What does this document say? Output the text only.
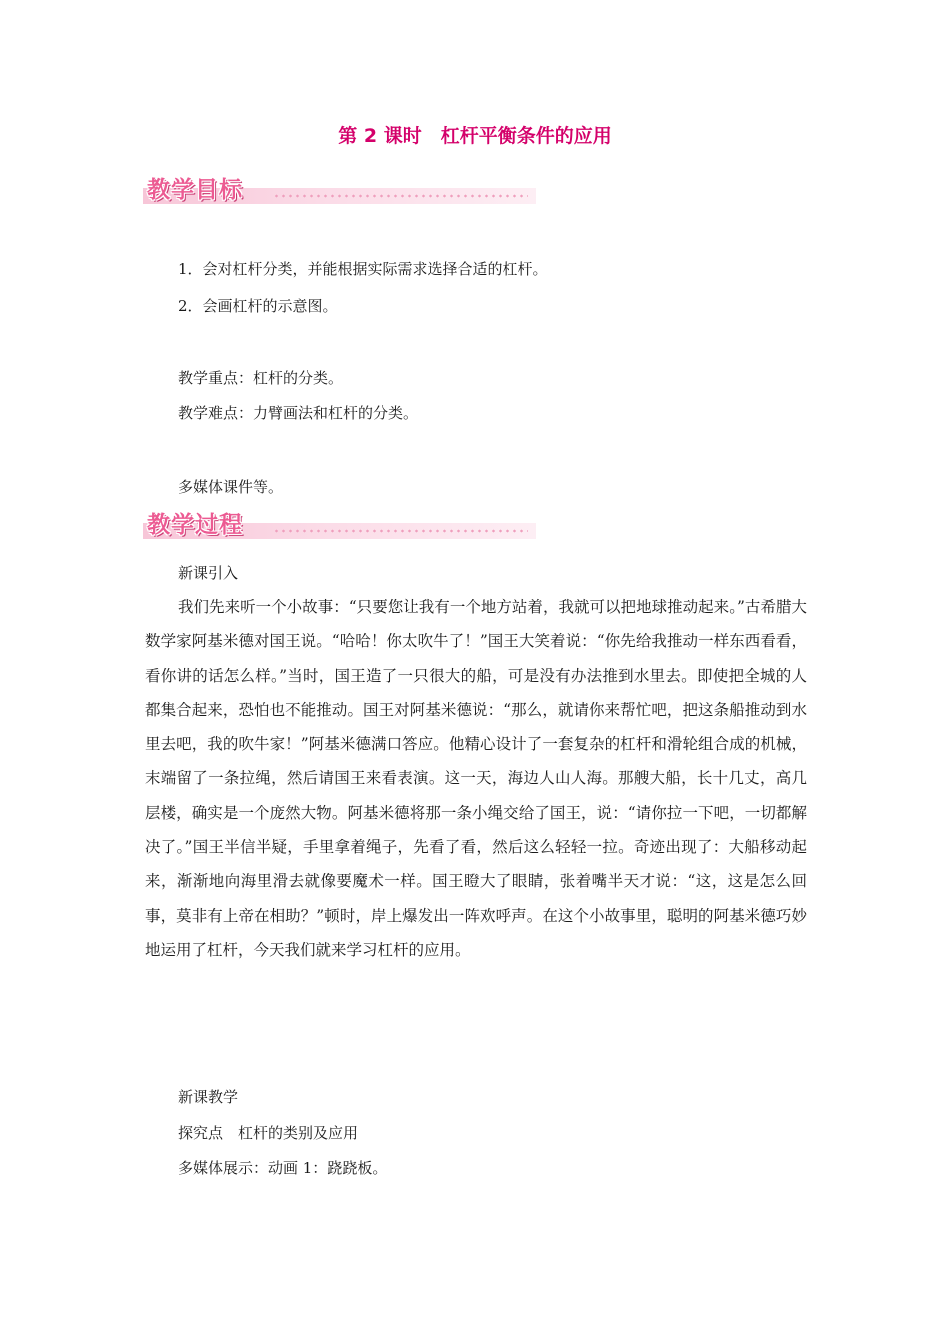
第 2 课时　杠杆平衡条件的应用
教学目标
1．会对杠杆分类，并能根据实际需求选择合适的杠杆。
2．会画杠杆的示意图。
教学重点：杠杆的分类。
教学难点：力臂画法和杠杆的分类。
多媒体课件等。
教学过程
新课引入

我们先来听一个小故事：“只要您让我有一个地方站着，我就可以把地球推动起来。”古希腊大数学家阿基米德对国王说。“哈哈！你太吹牛了！”国王大笑着说：“你先给我推动一样东西看看，看你讲的话怎么样。”当时，国王造了一只很大的船，可是没有办法推到水里去。即使把全城的人都集合起来，恐怕也不能推动。国王对阿基米德说：“那么，就请你来帮忙吧，把这条船推动到水里去吧，我的吹牛家！”阿基米德满口答应。他精心设计了一套复杂的杠杆和滑轮组合成的机械，末端留了一条拉绳，然后请国王来看表演。这一天，海边人山人海。那艘大船，长十几丈，高几层楼，确实是一个庞然大物。阿基米德将那一条小绳交给了国王，说：“请你拉一下吧，一切都解决了。”国王半信半疑，手里拿着绳子，先看了看，然后这么轻轻一拉。奇迹出现了：大船移动起来，渐渐地向海里滑去就像要魔术一样。国王瞪大了眼睛，张着嘴半天才说：“这，这是怎么回事，莫非有上帝在相助？”顿时，岸上爆发出一阵欢呼声。在这个小故事里，聪明的阿基米德巧妙地运用了杠杆，今天我们就来学习杠杆的应用。

新课教学
探究点　杠杆的类别及应用
多媒体展示：动画 1：跷跷板。
